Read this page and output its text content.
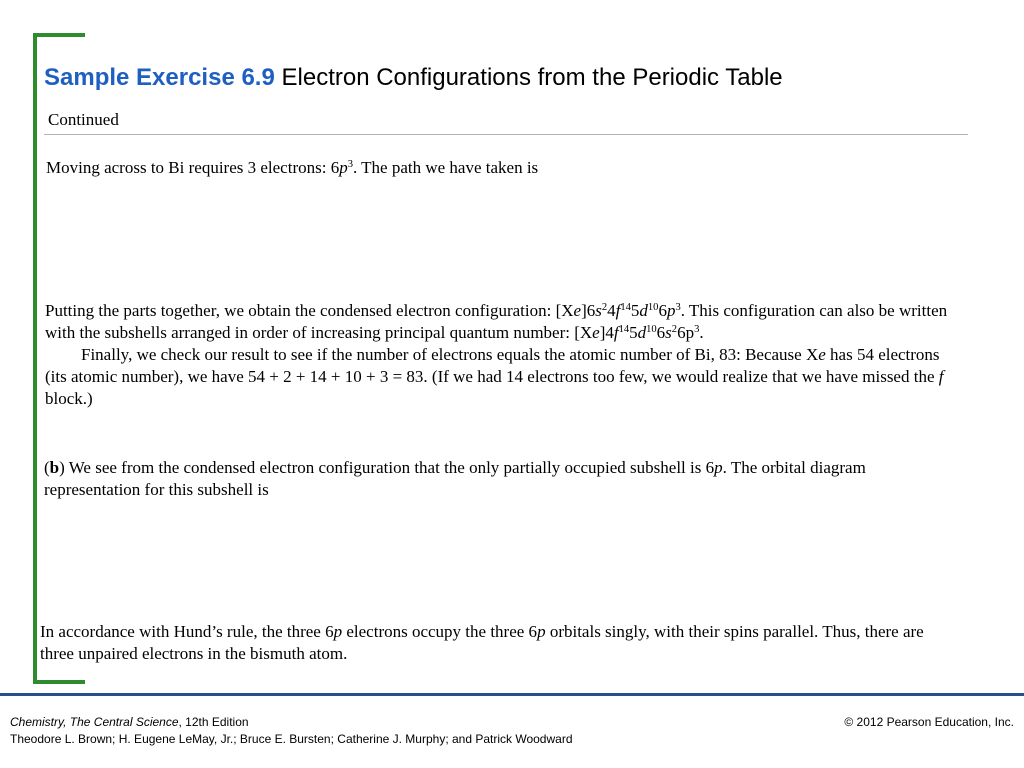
Sample Exercise 6.9 Electron Configurations from the Periodic Table
Continued

Moving across to Bi requires 3 electrons: $6p^3$. The path we have taken is

Putting the parts together, we obtain the condensed electron configuration: $[Xe]6s^24f^{14}5d^{10}6p^3$. This configuration can also be written with the subshells arranged in order of increasing principal quantum number: $[Xe]4f^{14}5d^{10}6s^26p^3$.
Finally, we check our result to see if the number of electrons equals the atomic number of Bi, 83: Because Xe has 54 electrons (its atomic number), we have 54 + 2 + 14 + 10 + 3 = 83. (If we had 14 electrons too few, we would realize that we have missed the f block.)

(b) We see from the condensed electron configuration that the only partially occupied subshell is 6p. The orbital diagram representation for this subshell is

In accordance with Hund’s rule, the three 6p electrons occupy the three 6p orbitals singly, with their spins parallel. Thus, there are three unpaired electrons in the bismuth atom.

Chemistry, The Central Science, 12th Edition
Theodore L. Brown; H. Eugene LeMay, Jr.; Bruce E. Bursten; Catherine J. Murphy; and Patrick Woodward
© 2012 Pearson Education, Inc.
